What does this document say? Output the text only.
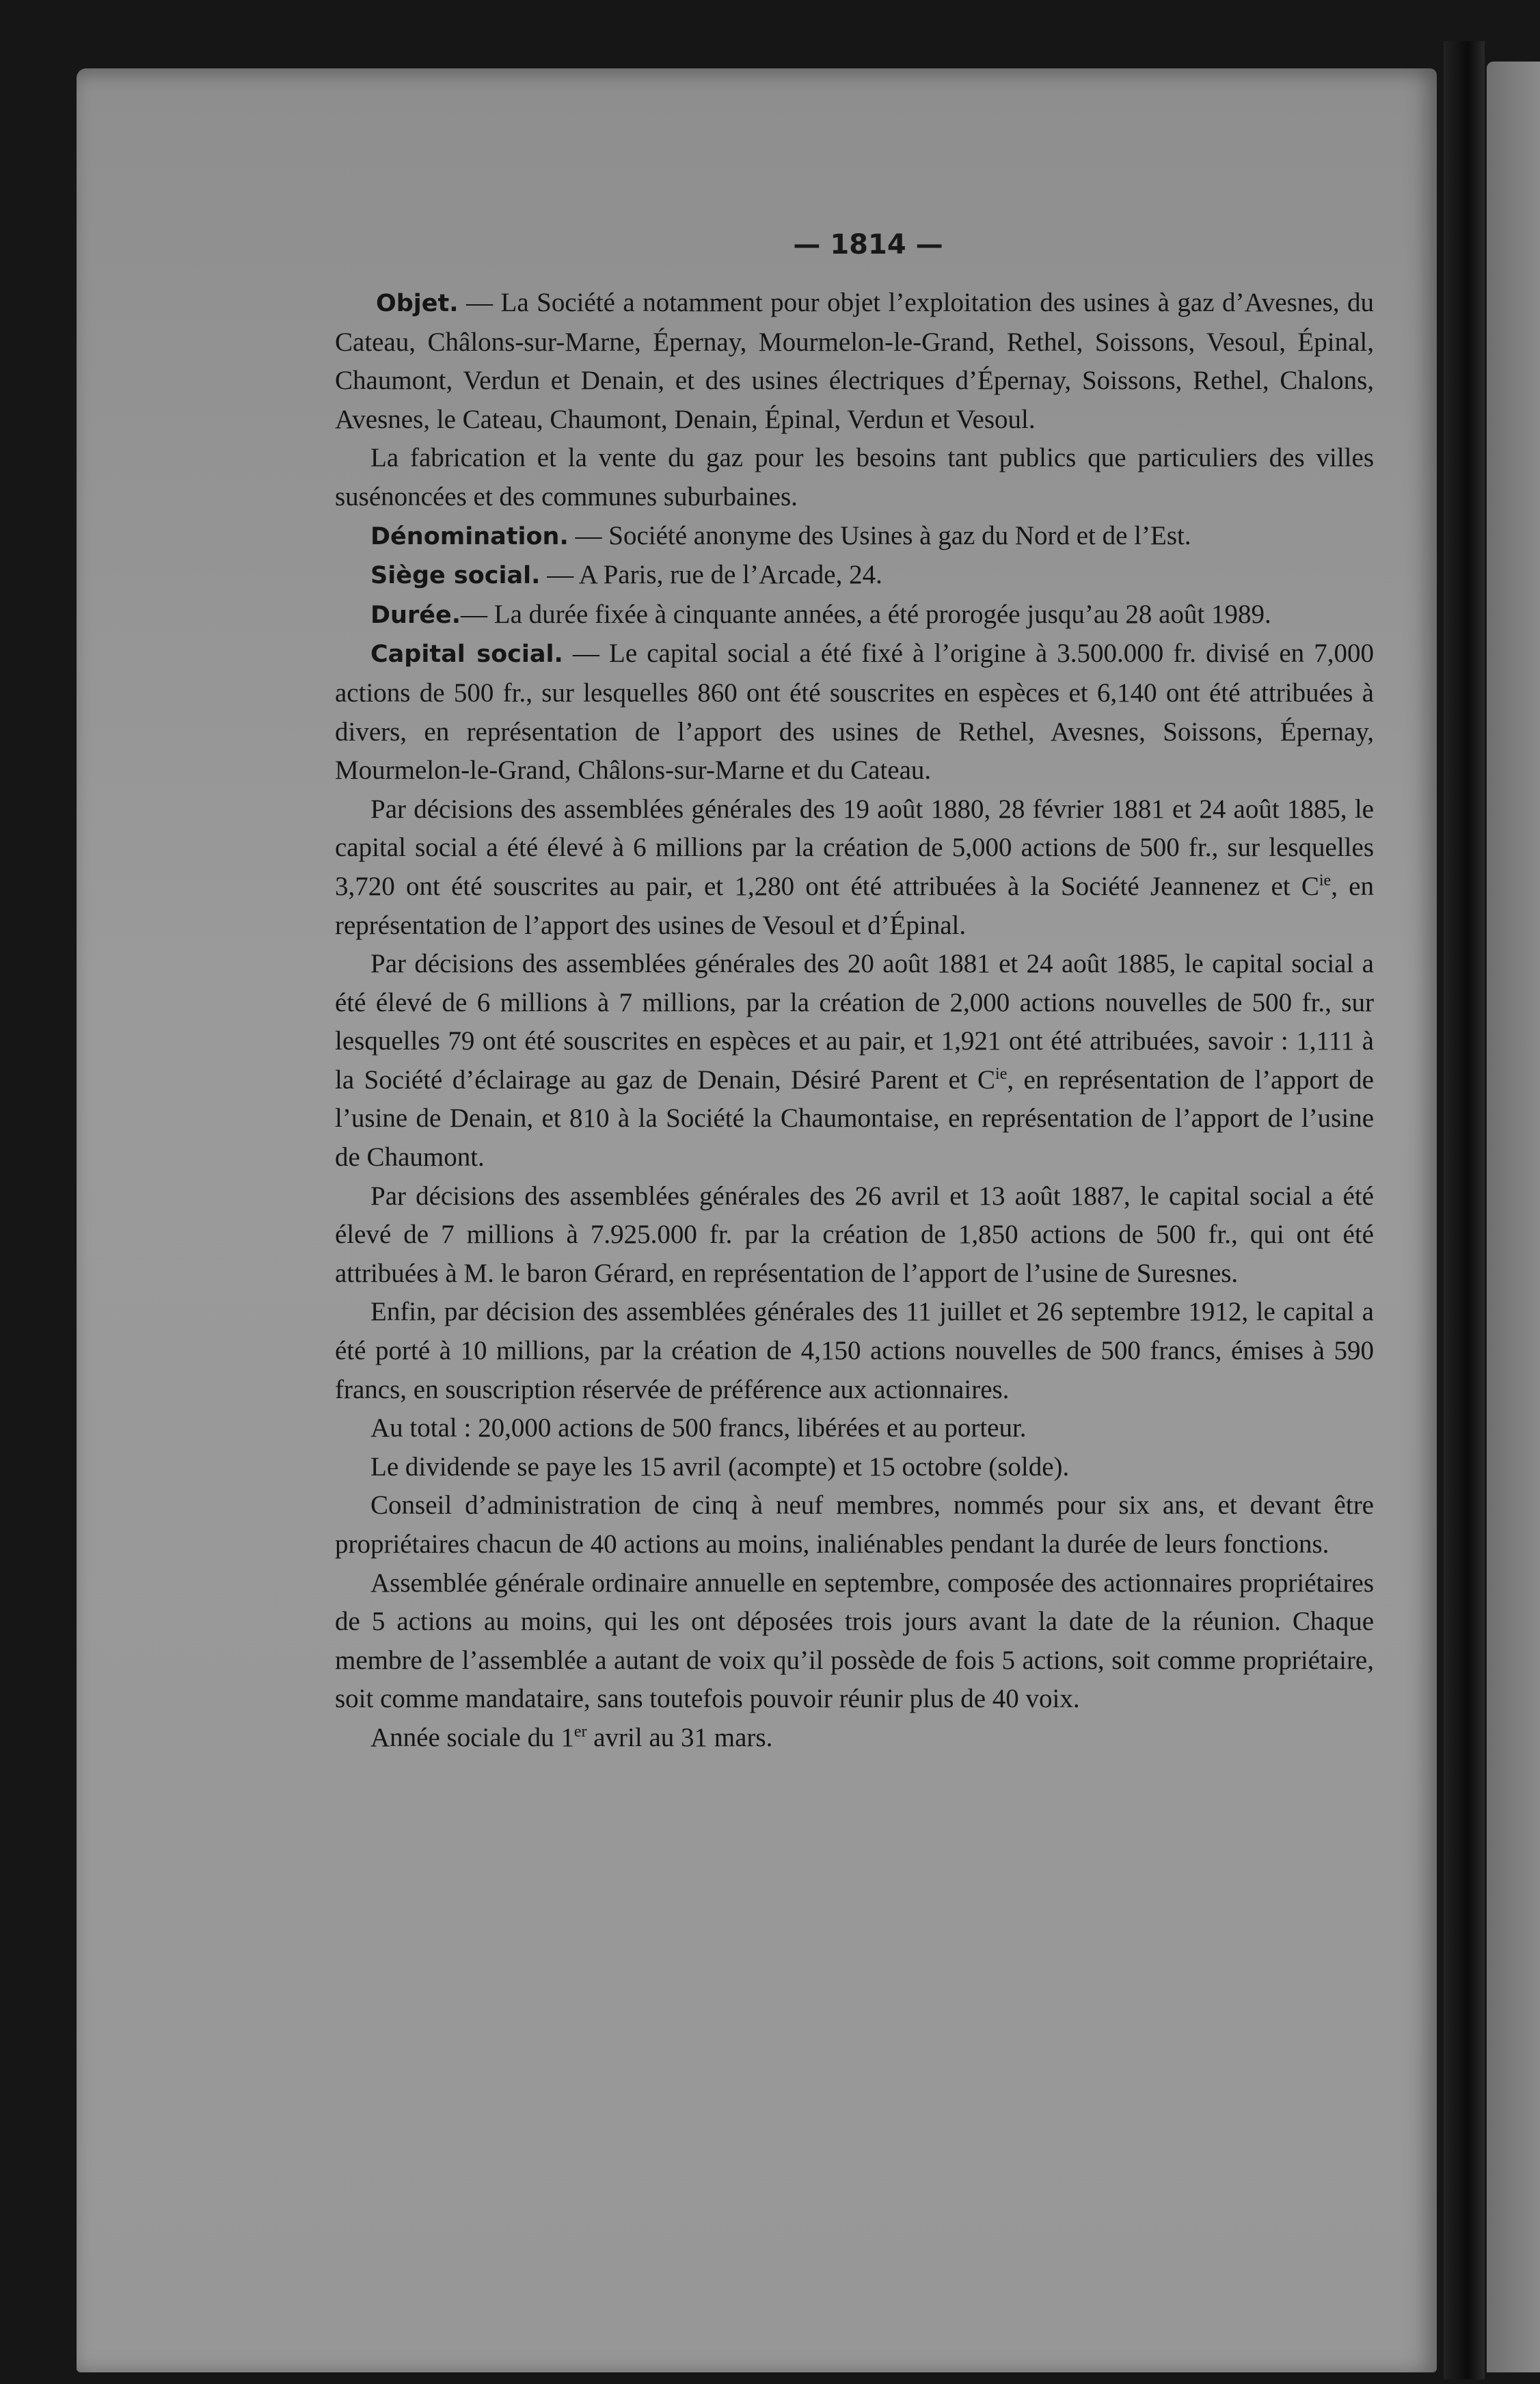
— 1814 —

Objet. — La Société a notamment pour objet l’exploitation des usines à gaz d’Avesnes, du Cateau, Châlons-sur-Marne, Épernay, Mourmelon-le-Grand, Rethel, Soissons, Vesoul, Épinal, Chaumont, Verdun et Denain, et des usines électriques d’Épernay, Soissons, Rethel, Chalons, Avesnes, le Cateau, Chaumont, Denain, Épinal, Verdun et Vesoul.

La fabrication et la vente du gaz pour les besoins tant publics que particuliers des villes susénoncées et des communes suburbaines.

Dénomination. — Société anonyme des Usines à gaz du Nord et de l’Est.

Siège social. — A Paris, rue de l’Arcade, 24.

Durée.— La durée fixée à cinquante années, a été prorogée jusqu’au 28 août 1989.

Capital social. — Le capital social a été fixé à l’origine à 3.500.000 fr. divisé en 7,000 actions de 500 fr., sur lesquelles 860 ont été souscrites en espèces et 6,140 ont été attribuées à divers, en représentation de l’apport des usines de Rethel, Avesnes, Soissons, Épernay, Mourmelon-le-Grand, Châlons-sur-Marne et du Cateau.

Par décisions des assemblées générales des 19 août 1880, 28 février 1881 et 24 août 1885, le capital social a été élevé à 6 millions par la création de 5,000 actions de 500 fr., sur lesquelles 3,720 ont été souscrites au pair, et 1,280 ont été attribuées à la Société Jeannenez et $C^{ie}$, en représentation de l’apport des usines de Vesoul et d’Épinal.

Par décisions des assemblées générales des 20 août 1881 et 24 août 1885, le capital social a été élevé de 6 millions à 7 millions, par la création de 2,000 actions nouvelles de 500 fr., sur lesquelles 79 ont été souscrites en espèces et au pair, et 1,921 ont été attribuées, savoir : 1,111 à la Société d’éclairage au gaz de Denain, Désiré Parent et $C^{ie}$, en représentation de l’apport de l’usine de Denain, et 810 à la Société la Chaumontaise, en représentation de l’apport de l’usine de Chaumont.

Par décisions des assemblées générales des 26 avril et 13 août 1887, le capital social a été élevé de 7 millions à 7.925.000 fr. par la création de 1,850 actions de 500 fr., qui ont été attribuées à M. le baron Gérard, en représentation de l’apport de l’usine de Suresnes.

Enfin, par décision des assemblées générales des 11 juillet et 26 septembre 1912, le capital a été porté à 10 millions, par la création de 4,150 actions nouvelles de 500 francs, émises à 590 francs, en souscription réservée de préférence aux actionnaires.

Au total : 20,000 actions de 500 francs, libérées et au porteur.

Le dividende se paye les 15 avril (acompte) et 15 octobre (solde).

Conseil d’administration de cinq à neuf membres, nommés pour six ans, et devant être propriétaires chacun de 40 actions au moins, inaliénables pendant la durée de leurs fonctions.

Assemblée générale ordinaire annuelle en septembre, composée des actionnaires propriétaires de 5 actions au moins, qui les ont déposées trois jours avant la date de la réunion. Chaque membre de l’assemblée a autant de voix qu’il possède de fois 5 actions, soit comme propriétaire, soit comme mandataire, sans toutefois pouvoir réunir plus de 40 voix.

Année sociale du 1er avril au 31 mars.
